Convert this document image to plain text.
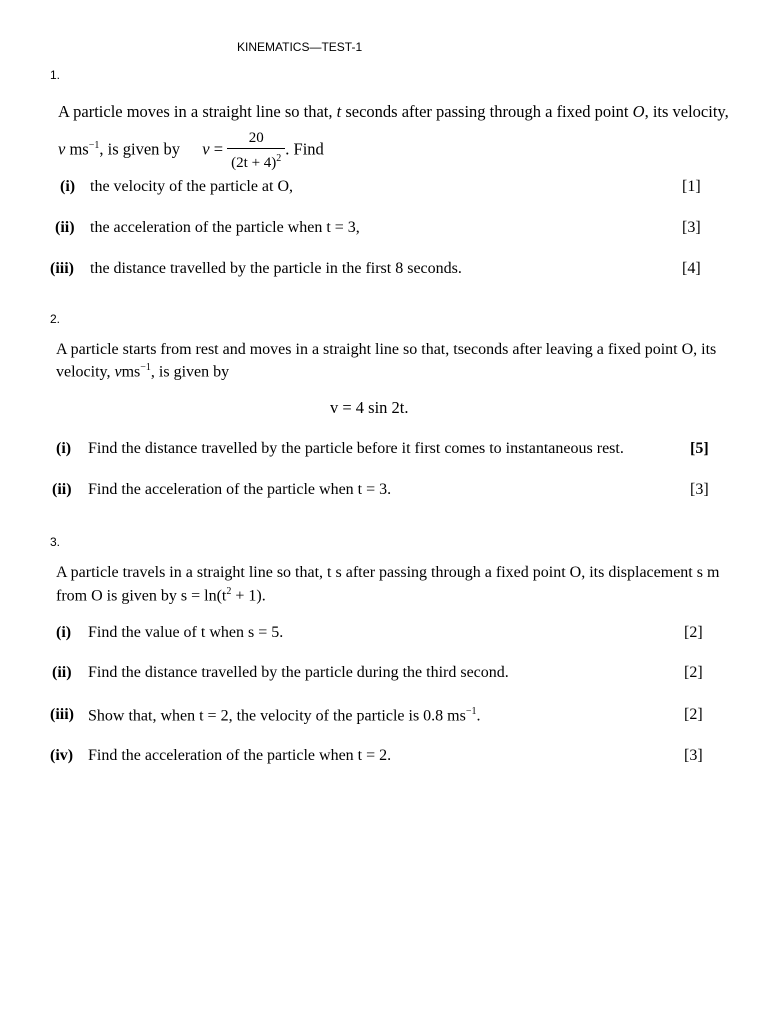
KINEMATICS—TEST-1
1.
A particle moves in a straight line so that, t seconds after passing through a fixed point O, its velocity,
v $ms^{-1}$, is given by $v = \frac{20}{(2t + 4)^2}$ . Find
(i) the velocity of the particle at O,	[1]
(ii) the acceleration of the particle when t = 3,	[3]
(iii) the distance travelled by the particle in the first 8 seconds.	[4]
2.
A particle starts from rest and moves in a straight line so that, tseconds after leaving a fixed point O, its
velocity, vms$^{-1}$, is given by
v = 4 sin 2t.
(i) Find the distance travelled by the particle before it first comes to instantaneous rest.	[5]
(ii) Find the acceleration of the particle when t = 3.	[3]
3.
A particle travels in a straight line so that, t s after passing through a fixed point O, its displacement s m
from O is given by $s = \ln(t^2 + 1)$.
(i) Find the value of t when s = 5.	[2]
(ii) Find the distance travelled by the particle during the third second.	[2]
(iii) Show that, when t = 2, the velocity of the particle is 0.8 $ms^{-1}$.	[2]
(iv) Find the acceleration of the particle when t = 2.	[3]
